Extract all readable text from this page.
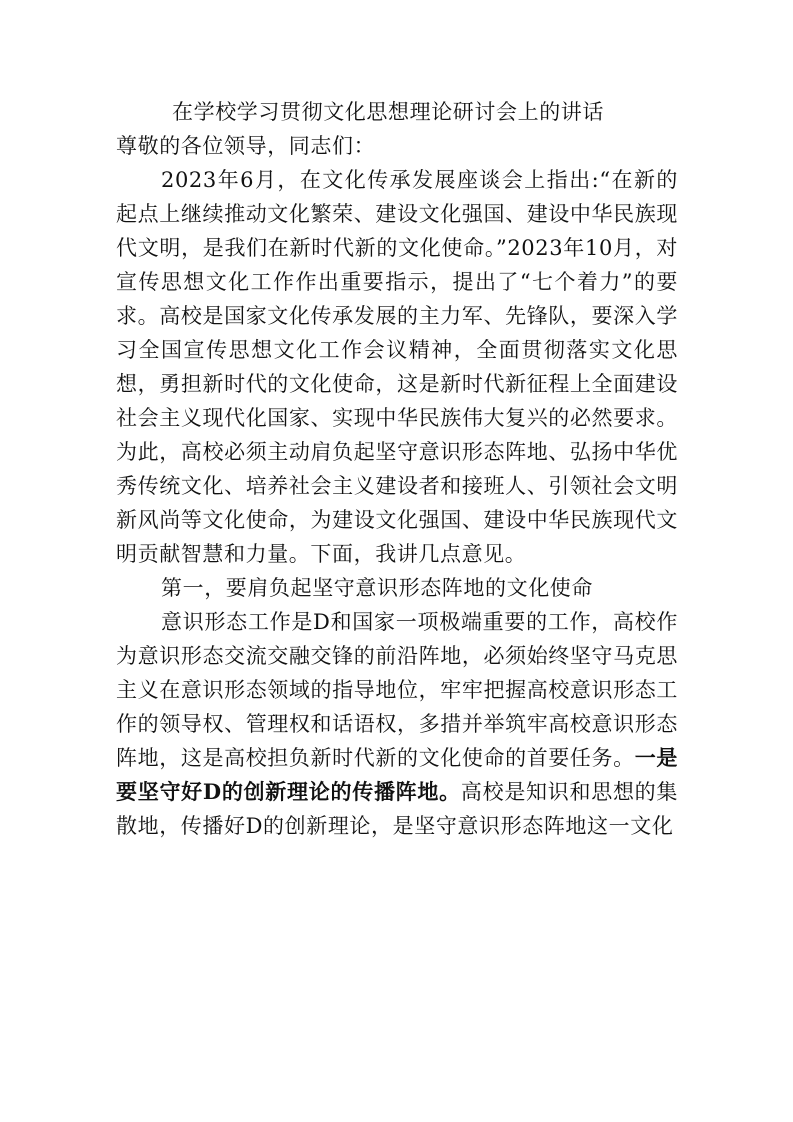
在学校学习贯彻文化思想理论研讨会上的讲话

尊敬的各位领导，同志们：

2023年6月，在文化传承发展座谈会上指出:“在新的起点上继续推动文化繁荣、建设文化强国、建设中华民族现代文明，是我们在新时代新的文化使命。”2023年10月，对宣传思想文化工作作出重要指示，提出了“七个着力”的要求。高校是国家文化传承发展的主力军、先锋队，要深入学习全国宣传思想文化工作会议精神，全面贯彻落实文化思想，勇担新时代的文化使命，这是新时代新征程上全面建设社会主义现代化国家、实现中华民族伟大复兴的必然要求。为此，高校必须主动肩负起坚守意识形态阵地、弘扬中华优秀传统文化、培养社会主义建设者和接班人、引领社会文明新风尚等文化使命，为建设文化强国、建设中华民族现代文明贡献智慧和力量。下面，我讲几点意见。

第一，要肩负起坚守意识形态阵地的文化使命

意识形态工作是D和国家一项极端重要的工作，高校作为意识形态交流交融交锋的前沿阵地，必须始终坚守马克思主义在意识形态领域的指导地位，牢牢把握高校意识形态工作的领导权、管理权和话语权，多措并举筑牢高校意识形态阵地，这是高校担负新时代新的文化使命的首要任务。一是要坚守好D的创新理论的传播阵地。高校是知识和思想的集散地，传播好D的创新理论，是坚守意识形态阵地这一文化
